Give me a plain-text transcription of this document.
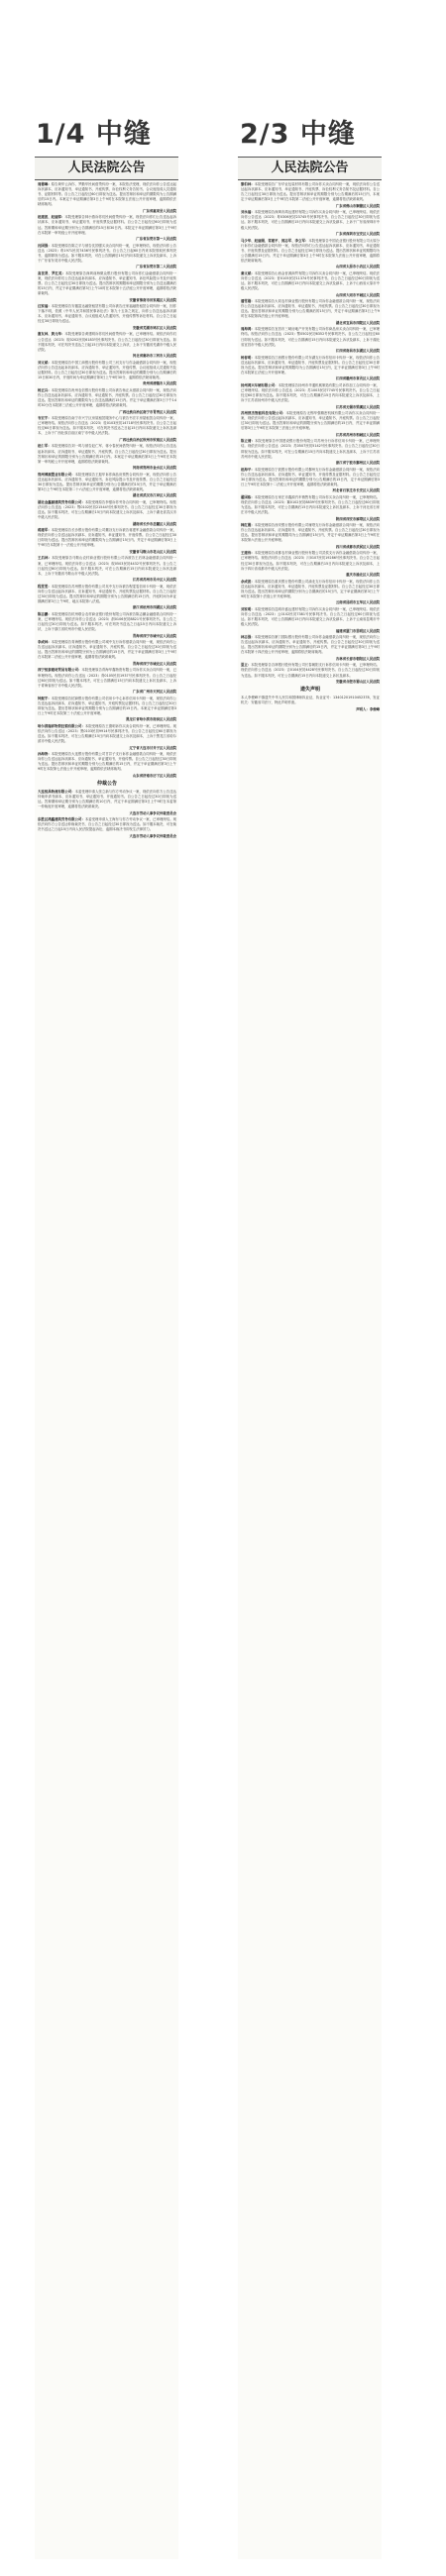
1/4 中缝	2/3 中缝
人民法院公告

周德琳：原告黄华云诉你、罗勤华民间借贷纠纷一案，本院依法受理，现依法向你公告送达起诉状副本、应诉通知书、举证通知书、开庭传票、诉讼权利义务告知书、合议庭组成人员通知书、证据材料等。自公告之日起经过60日即视为送达。提出答辩状和举证的期限均为公告期满后的15日内。本案定于举证期满后第3日上午9时在本院第五法庭公开开庭审理，逾期将依法缺席裁判。

广东省惠来县人民法院

赵建波、赵丽萍：本院受理原告林小燕诉你们民间借贷纠纷一案，现依法向你们公告送达起诉状副本、应诉通知书、举证通知书、开庭传票及证据材料。自公告之日起经过60日即视为送达。答辩期和举证期分别为公告期满后的15日和30日内。本院定于举证期满后第3日上午9时在本院第一审判庭公开开庭审理。

广东省东莞市第一人民法院

沈国强：本院受理原告陈立平与被告沈国强买卖合同纠纷一案，已审理终结，现依法向你公告送达（2023）粤1971民初7436号民事判决书。自公告之日起60日内来本院领取民事判决书，逾期即视为送达。如不服本判决，可在公告期满后15日内向本院递交上诉状及副本，上诉于广东省东莞市中级人民法院。

广东省东莞市第二人民法院

高世贤、罗红英：本院受理原告深圳前海微众银行股份有限公司诉你们金融借款合同纠纷一案，现依法向你们公告送达起诉状副本、应诉通知书、举证通知书、诉讼风险提示书及开庭传票。自公告之日起经过30日即视为送达。提出答辩状的期限和举证期限分别为公告送达期满后的15日内，并定于举证期满后第3日上午10时在本院第十五法庭公开开庭审理，逾期将依法缺席裁判。

安徽省淮南市田家庵区人民法院

汪家福：本院受理原告安徽富达融资租赁有限公司诉被告汪家福融资租赁合同纠纷一案，因你下落不明，依照《中华人民共和国民事诉讼法》第九十五条之规定，向你公告送达起诉状副本、应诉通知书、举证通知书、合议庭组成人员通知书、开庭传票等诉讼材料。自公告之日起经过30日即视为送达。

安徽省芜湖市鸠江区人民法院

谢友林、黄元华：本院受理原告黄建明诉你们民间借贷纠纷一案，已审理终结。现依法向你们公告送达（2023）皖0202民初6183号民事判决书。自公告之日起经过30日即视为送达。如不服本判决，可在判决书送达之日起15日内向本院递交上诉状，上诉于安徽省芜湖市中级人民法院。

河北省廊坊市三河市人民法院

刘文斌：本院受理原告中国工商银行股份有限公司三河支行与你金融借款合同纠纷一案，现依法向你公告送达起诉状副本、应诉通知书、举证通知书、开庭传票、合议庭组成人员通知书及证据材料。自公告之日起经过30日即视为送达。提出答辩状和举证的期限分别为公告期满后的15日和30日内，开庭时间为举证期满后第3日上午9时30分，逾期将依法缺席裁判。

贵州省清镇市人民法院

杨正兵：本院受理原告贵州农信银行股份有限公司诉被告杨正兵借款合同纠纷一案，现依法向你公告送达起诉状副本、应诉通知书、举证通知书、开庭传票。自公告之日起经过30日即视为送达。提出答辩状和举证的期限均为公告送达期满后15日内。并定于举证期满后第3日下午14时30分在本院第三法庭公开开庭审理，逾期将依法缺席裁判。

广西壮族自治区南宁市青秀区人民法院

韦宏宇：本院受理原告南宁市兴宁区房屋租赁服务中心与被告韦宏宇房屋租赁合同纠纷一案，已审理终结。现依法向你公告送达（2023）桂0103民初14718号民事判决书。自公告之日起经过60日即视为送达。如不服本判决，可在判决书送达之日起15日内向本院递交上诉状及副本，上诉于广西壮族自治区南宁市中级人民法院。

广西壮族自治区钦州市钦南区人民法院

赵仁军：本院受理原告刘一鸣与被告赵仁军、蒋小春民间借贷纠纷一案，现依法向你公告送达起诉状副本、应诉通知书、举证通知书、开庭传票。自公告之日起经过30日即视为送达。提出答辩状和举证的期限分别为公告期满后的15日内。本案定于举证期满后第3日上午9时在本院第一审判庭公开开庭审理，逾期将依法缺席裁判。

河南省郑州市金水区人民法院

郑州博源置业有限公司：本院受理原告王振华诉你商品房预售合同纠纷一案，现依法向你公告送达起诉状副本、应诉通知书、举证通知书、诉讼风险提示书及开庭传票。自公告之日起经过30日即视为送达。提出答辩状和举证的期限分别为公告期满后的15日内，并定于举证期满后第3日上午9时在本院第二十六法庭公开开庭审理，逾期将依法缺席裁判。

湖北省武汉市江岸区人民法院

湖北金鑫源建筑劳务有限公司：本院受理原告李强诉你劳务合同纠纷一案，已审理终结。现依法向你公告送达（2023）鄂0102民初21544号民事判决书。自公告之日起经过30日即视为送达。如不服本判决，可在公告期满后15日内向本院递交上诉状及副本，上诉于湖北省武汉市中级人民法院。

湖南省长沙市岳麓区人民法院

蒋建军：本院受理原告长沙银行股份有限公司麓谷支行诉被告蒋建军金融借款合同纠纷一案，现依法向你公告送达起诉状副本、应诉通知书、举证通知书、开庭传票。自公告之日起经过30日即视为送达。提出答辩状和举证的期限均为公告期满后15日内。并定于举证期满后第3日上午9时在本院第十一法庭公开开庭审理。

安徽省马鞍山市花山区人民法院

王后林：本院受理原告马鞍山农村商业银行股份有限公司诉被告王后林金融借款合同纠纷一案，已审理终结。现依法向你公告送达（2023）皖0503民初4432号民事判决书。自公告之日起经过60日即视为送达。如不服本判决，可在公告期满后15日内向本院递交上诉状及副本，上诉于安徽省马鞍山市中级人民法院。

江苏省苏州市吴中区人民法院

程雯雯：本院受理原告苏州银行股份有限公司吴中支行诉被告程雯雯信用卡纠纷一案，现依法向你公告送达起诉状副本、应诉通知书、举证通知书、开庭传票及证据材料。自公告之日起经过30日即视为送达。提出答辩状和举证的期限分别为公告期满后的15日内，开庭时间为举证期满后第3日上午9时，地点本院第八法庭。

浙江省杭州市西湖区人民法院

陈志鹏：本院受理原告杭州联合农村商业银行股份有限公司诉被告陈志鹏金融借款合同纠纷一案，已审理终结。现依法向你公告送达（2023）浙0106民初8821号民事判决书。自公告之日起经过30日即视为送达。如不服本判决，可在判决书送达之日起15日内向本院递交上诉状，上诉于浙江省杭州市中级人民法院。

青海省西宁市城中区人民法院

李成林：本院受理原告青海银行股份有限公司城中支行诉你借款合同纠纷一案，现依法向你公告送达起诉状副本、应诉通知书、举证通知书、开庭传票。自公告之日起经过30日即视为送达。提出答辩状和举证的期限分别为公告期满后的15日内，并定于举证期满后第3日上午9时在本院第二法庭公开开庭审理，逾期将依法缺席裁判。

青海省西宁市城北区人民法院

西宁恒泰建材贸易有限公司：本院受理原告青海华鑫物资有限公司诉你买卖合同纠纷一案，已审理终结。现依法向你公告送达（2023）青0105民初1937号民事判决书。自公告之日起经过60日即视为送达。如不服本判决，可在公告期满后15日内向本院递交上诉状及副本，上诉于青海省西宁市中级人民法院。

广东省广州市天河区人民法院

钟振宇：本院受理原告招商银行股份有限公司信用卡中心诉你信用卡纠纷一案，现依法向你公告送达起诉状副本、应诉通知书、举证通知书、开庭传票及证据材料。自公告之日起经过30日即视为送达。提出答辩状和举证的期限分别为公告期满后的15日内。本案定于举证期满后第3日上午9时在本院第三十法庭公开开庭审理。

黑龙江省哈尔滨市南岗区人民法院

哈尔滨瑞祥物资经销有限公司：本院受理原告王德明诉你买卖合同纠纷一案，已审理终结。现依法向你公告送达（2023）黑0103民初9914号民事判决书。自公告之日起经过60日即视为送达。如不服本判决，可在公告期满后15日内向本院递交上诉状及副本，上诉于黑龙江省哈尔滨市中级人民法院。

辽宁省大连市甘井子区人民法院

孙海涛：本院受理原告大连银行股份有限公司甘井子支行诉你金融借款合同纠纷一案，现依法向你公告送达起诉状副本、应诉通知书、举证通知书、开庭传票。自公告之日起经过30日即视为送达。提出答辩状和举证的期限分别为公告期满后的15日内，并定于举证期满后第3日上午9时在本院第七法庭公开开庭审理，逾期将依法缺席裁判。

山东省济南市历下区人民法院
仲裁公告

大连恒昌物流有限公司：本委受理申请人张立新与你方劳动争议一案，现依法向你方公告送达仲裁申请书副本、应诉通知书、举证通知书、开庭通知书。自公告之日起经过30日即视为送达。答辩期和举证期分别为公告期满后的10日内，并定于举证期满后第3日上午9时在本委第一仲裁庭开庭审理，逾期将依法缺席裁决。

大连市劳动人事争议仲裁委员会

东胜区鸿鑫建筑劳务有限公司：本委受理申请人王海东与你方劳动争议一案，已审理终结。现依法向你方公告送达仲裁裁决书，自公告之日起经过30日即视为送达。如不服本裁决，可在裁决书送达之日起15日内向人民法院提起诉讼，逾期本裁决书即发生法律效力。

大连市劳动人事争议仲裁委员会
人民法院公告

黎伯林：本院受理原告广东华业包装材料有限公司诉你买卖合同纠纷一案，现依法向你公告送达起诉状副本、应诉通知书、举证通知书、开庭传票、诉讼权利义务告知书及证据材料。自公告之日起经过30日即视为送达。提出答辩状和举证的期限分别为公告期满后的15日内，本案定于举证期满后第3日上午9时在本院第二法庭公开开庭审理，逾期将依法缺席裁判。

广东省佛山市顺德区人民法院

刘永福：本院受理原告深圳市鸿达建材有限公司诉你买卖合同纠纷一案，已审理终结。现依法向你公告送达（2023）粤0306民初23745号民事判决书。自公告之日起经过30日即视为送达。如不服本判决，可在公告期满后15日内向本院递交上诉状及副本，上诉于广东省深圳市中级人民法院。

广东省深圳市宝安区人民法院

马少华、赵丽娟、常建平、郭志军、李立军：本院受理原告中国农业银行股份有限公司太原分行诉你们金融借款合同纠纷一案，现依法向你们公告送达起诉状副本、应诉通知书、举证通知书、开庭传票及证据材料。自公告之日起经过30日即视为送达。提出答辩状和举证的期限均为公告期满后15日内。并定于举证期满后第3日上午9时在本院第九法庭公开开庭审理，逾期将依法缺席裁判。

山西省太原市小店区人民法院

秦文斌：本院受理原告山西金晋源商贸有限公司诉你买卖合同纠纷一案，已审理终结。现依法向你公告送达（2023）晋0105民初11374号民事判决书。自公告之日起经过60日即视为送达。如不服本判决，可在公告期满后15日内向本院递交上诉状及副本，上诉于山西省太原市中级人民法院。

山西省大同市平城区人民法院

潘雪刚：本院受理原告大同农村商业银行股份有限公司诉你金融借款合同纠纷一案，现依法向你公告送达起诉状副本、应诉通知书、举证通知书、开庭传票。自公告之日起经过30日即视为送达。提出答辩状和举证的期限分别为公告期满后的15日内，并定于举证期满后第3日上午9时在本院第四法庭公开开庭审理。

湖北省宜昌市西陵区人民法院

周海鸿：本院受理原告宜昌市三峡房地产开发有限公司诉你商品房买卖合同纠纷一案，已审理终结。现依法向你公告送达（2023）鄂0502民初6352号民事判决书。自公告之日起经过60日即视为送达。如不服本判决，可在公告期满后15日内向本院递交上诉状及副本，上诉于湖北省宜昌市中级人民法院。

江西省南昌市东湖区人民法院

杨春明：本院受理原告江西银行股份有限公司东湖支行诉你信用卡纠纷一案，现依法向你公告送达起诉状副本、应诉通知书、举证通知书、开庭传票及证据材料。自公告之日起经过30日即视为送达。提出答辩状和举证的期限均为公告期满后15日内，定于举证期满后第3日上午9时在本院第五法庭公开开庭审理。

江西省赣州市章贡区人民法院

扬州鸿兴车辆有限公司：本院受理原告扬州市华通机械制造有限公司诉你加工合同纠纷一案，已审理终结。现依法向你公告送达（2023）苏1003民初7745号民事判决书。自公告之日起经过60日即视为送达。如不服本判决，可在公告期满后15日内向本院递交上诉状及副本，上诉于江苏省扬州市中级人民法院。

江苏省无锡市梁溪区人民法院

苏州律杰智能科技有限公司：本院受理原告无锡华强精密机械有限公司诉你买卖合同纠纷一案，现依法向你公告送达起诉状副本、应诉通知书、举证通知书、开庭传票。自公告之日起经过30日即视为送达。提出答辩状和举证的期限分别为公告期满后的15日内，并定于举证期满后第3日上午9时在本院第三法庭公开开庭审理。

江苏省苏州市相城区人民法院

陈立清：本院受理原告中国建设银行股份有限公司苏州分行诉你信用卡纠纷一案，已审理终结。现依法向你公告送达（2023）苏0507民初5142号民事判决书。自公告之日起经过30日即视为送达。如不服本判决，可在公告期满后15日内向本院递交上诉状及副本，上诉于江苏省苏州市中级人民法院。

浙江省宁波市鄞州区人民法院

赵海平：本院受理原告宁波银行股份有限公司鄞州支行诉你金融借款合同纠纷一案，现依法向你公告送达起诉状副本、应诉通知书、举证通知书、开庭传票及证据材料。自公告之日起经过30日即视为送达。提出答辩状和举证的期限分别为公告期满后的15日内，定于举证期满后第3日上午9时在本院第十二法庭公开开庭审理，逾期将依法缺席裁判。

河北省石家庄市长安区人民法院

翟国栋：本院受理原告石家庄市鑫源汽车销售有限公司诉你买卖合同纠纷一案，已审理终结。现依法向你公告送达（2023）冀0102民初8839号民事判决书。自公告之日起经过60日即视为送达。如不服本判决，可在公告期满后15日内向本院递交上诉状及副本，上诉于河北省石家庄市中级人民法院。

陕西省西安市雁塔区人民法院

韩红霞：本院受理原告西安银行股份有限公司雁塔支行诉你金融借款合同纠纷一案，现依法向你公告送达起诉状副本、应诉通知书、举证通知书、开庭传票。自公告之日起经过30日即视为送达。提出答辩状和举证的期限均为公告期满后15日内，并定于举证期满后第3日上午9时在本院第六法庭公开开庭审理。

四川省成都市武侯区人民法院

王建伟：本院受理原告成都农村商业银行股份有限公司武侯支行诉你金融借款合同纠纷一案，已审理终结。现依法向你公告送达（2023）川0107民初19286号民事判决书。自公告之日起经过30日即视为送达。如不服本判决，可在公告期满后15日内向本院递交上诉状及副本，上诉于四川省成都市中级人民法院。

重庆市渝北区人民法院

余成波：本院受理原告重庆银行股份有限公司渝北支行诉你信用卡纠纷一案，现依法向你公告送达起诉状副本、应诉通知书、举证通知书、开庭传票及证据材料。自公告之日起经过30日即视为送达。提出答辩状和举证的期限分别为公告期满后的15日内，定于举证期满后第3日上午9时在本院第十法庭公开开庭审理。

云南省昆明市五华区人民法院

刘家明：本院受理原告昆明市盛达建材有限公司诉你买卖合同纠纷一案，已审理终结。现依法向你公告送达（2023）云0102民初7381号民事判决书。自公告之日起经过60日即视为送达。如不服本判决，可在公告期满后15日内向本院递交上诉状及副本，上诉于云南省昆明市中级人民法院。

福建省厦门市思明区人民法院

林志强：本院受理原告厦门国际银行股份有限公司诉你金融借款合同纠纷一案，现依法向你公告送达起诉状副本、应诉通知书、举证通知书、开庭传票。自公告之日起经过30日即视为送达。提出答辩状和举证的期限分别为公告期满后的15日内，并定于举证期满后第3日上午9时在本院第十四法庭公开开庭审理，逾期将依法缺席裁判。

吉林省长春市朝阳区人民法院

夏立：本院受理原告吉林银行股份有限公司长春朝阳支行诉你信用卡纠纷一案，已审理终结。现依法向你公告送达（2023）吉0104民初4428号民事判决书。自公告之日起经过30日即视为送达。如不服本判决，可在公告期满后15日内向本院递交上诉状及副本。

安徽省合肥市蜀山区人民法院
遗失声明

本人李俊峰不慎遗失中华人民共和国律师执业证，执业证号：13401201910452378，发证机关：安徽省司法厅，特此声明作废。

声明人：李俊峰
